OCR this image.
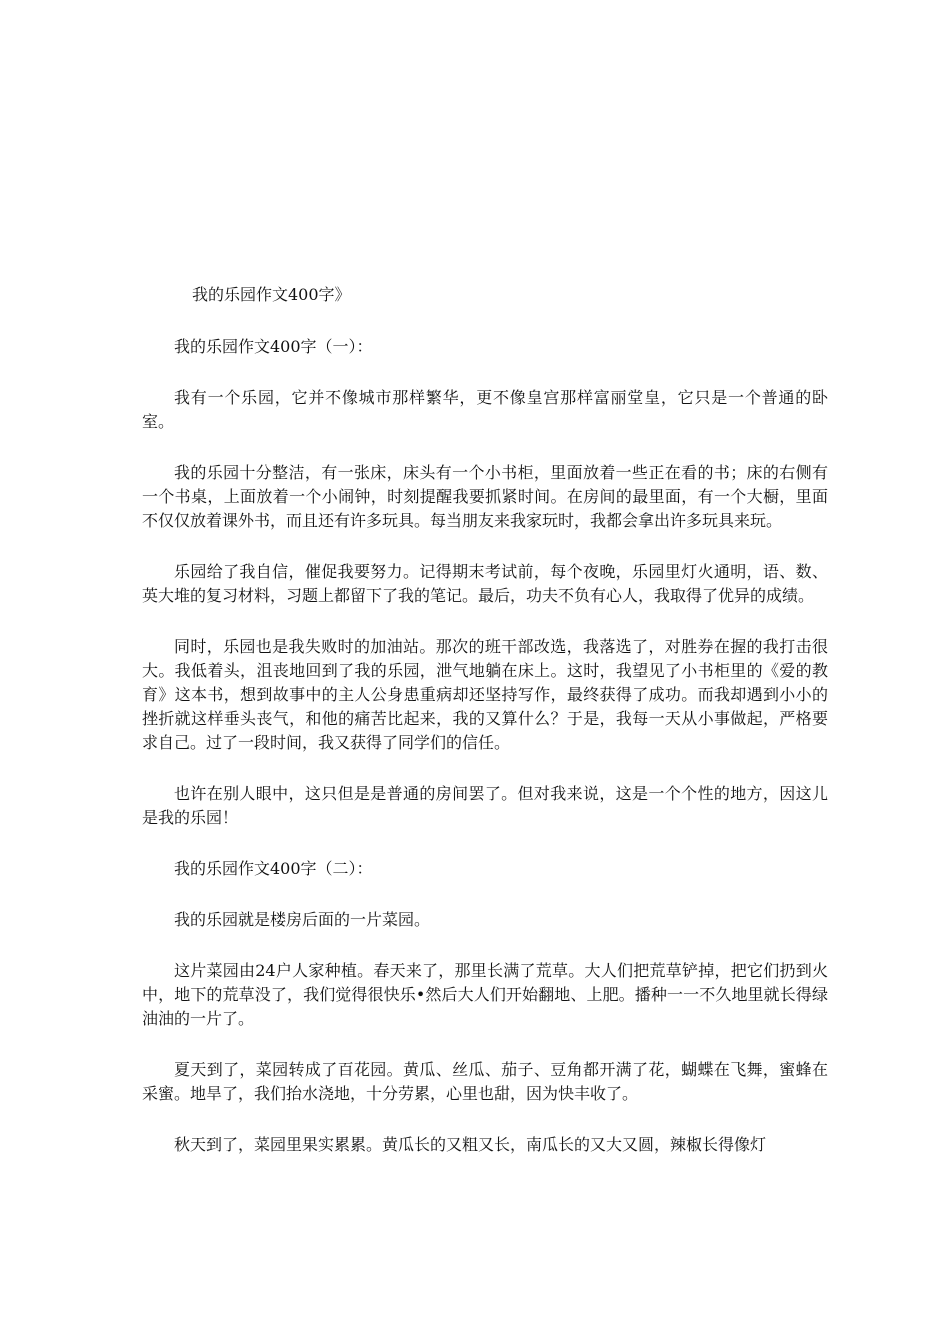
我的乐园作文400字》

我的乐园作文400字（一）：

我有一个乐园，它并不像城市那样繁华，更不像皇宫那样富丽堂皇，它只是一个普通的卧室。

我的乐园十分整洁，有一张床，床头有一个小书柜，里面放着一些正在看的书；床的右侧有一个书桌，上面放着一个小闹钟，时刻提醒我要抓紧时间。在房间的最里面，有一个大橱，里面不仅仅放着课外书，而且还有许多玩具。每当朋友来我家玩时，我都会拿出许多玩具来玩。

乐园给了我自信，催促我要努力。记得期末考试前，每个夜晚，乐园里灯火通明，语、数、英大堆的复习材料，习题上都留下了我的笔记。最后，功夫不负有心人，我取得了优异的成绩。

同时，乐园也是我失败时的加油站。那次的班干部改选，我落选了，对胜券在握的我打击很大。我低着头，沮丧地回到了我的乐园，泄气地躺在床上。这时，我望见了小书柜里的《爱的教育》这本书，想到故事中的主人公身患重病却还坚持写作，最终获得了成功。而我却遇到小小的挫折就这样垂头丧气，和他的痛苦比起来，我的又算什么？于是，我每一天从小事做起，严格要求自己。过了一段时间，我又获得了同学们的信任。

也许在别人眼中，这只但是是普通的房间罢了。但对我来说，这是一个个性的地方，因这儿是我的乐园！

我的乐园作文400字（二）：

我的乐园就是楼房后面的一片菜园。

这片菜园由24户人家种植。春天来了，那里长满了荒草。大人们把荒草铲掉，把它们扔到火中，地下的荒草没了，我们觉得很快乐•然后大人们开始翻地、上肥。播种一一不久地里就长得绿油油的一片了。

夏天到了，菜园转成了百花园。黄瓜、丝瓜、茄子、豆角都开满了花，蝴蝶在飞舞，蜜蜂在采蜜。地旱了，我们抬水浇地，十分劳累，心里也甜，因为快丰收了。

秋天到了，菜园里果实累累。黄瓜长的又粗又长，南瓜长的又大又圆，辣椒长得像灯
